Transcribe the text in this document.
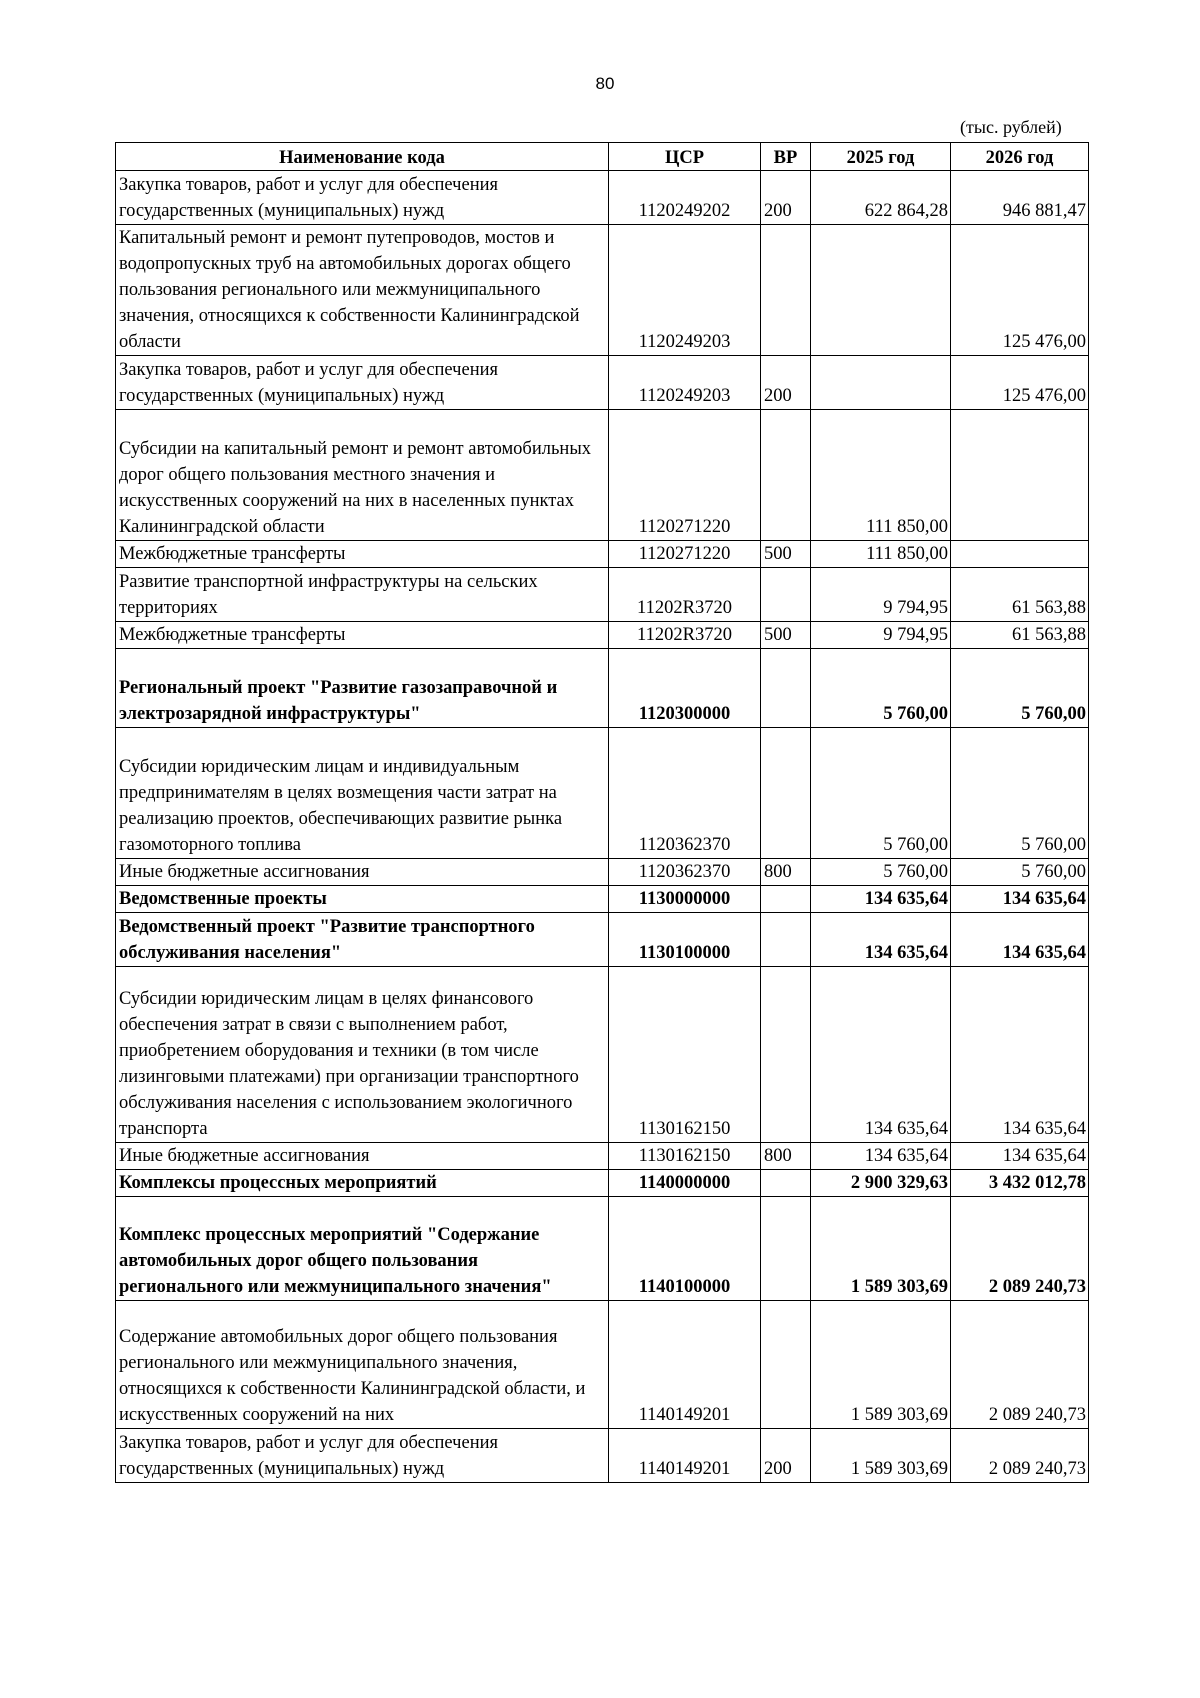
80
(тыс. рублей)
Наименование кода	ЦСР	ВР	2025 год	2026 год
Закупка товаров, работ и услуг для обеспечения государственных (муниципальных) нужд	1120249202	200	622 864,28	946 881,47
Капитальный ремонт и ремонт путепроводов, мостов и водопропускных труб на автомобильных дорогах общего пользования регионального или межмуниципального значения, относящихся к собственности Калининградской области	1120249203			125 476,00
Закупка товаров, работ и услуг для обеспечения государственных (муниципальных) нужд	1120249203	200		125 476,00
Субсидии на капитальный ремонт и ремонт автомобильных дорог общего пользования местного значения и искусственных сооружений на них в населенных пунктах Калининградской области	1120271220		111 850,00	
Межбюджетные трансферты	1120271220	500	111 850,00	
Развитие транспортной инфраструктуры на сельских территориях	11202R3720		9 794,95	61 563,88
Межбюджетные трансферты	11202R3720	500	9 794,95	61 563,88
Региональный проект "Развитие газозаправочной и электрозарядной инфраструктуры"	1120300000		5 760,00	5 760,00
Субсидии юридическим лицам и индивидуальным предпринимателям в целях возмещения части затрат на реализацию проектов, обеспечивающих развитие рынка газомоторного топлива	1120362370		5 760,00	5 760,00
Иные бюджетные ассигнования	1120362370	800	5 760,00	5 760,00
Ведомственные проекты	1130000000		134 635,64	134 635,64
Ведомственный проект "Развитие транспортного обслуживания населения"	1130100000		134 635,64	134 635,64
Субсидии юридическим лицам в целях финансового обеспечения затрат в связи с выполнением работ, приобретением оборудования и техники (в том числе лизинговыми платежами) при организации транспортного обслуживания населения с использованием экологичного транспорта	1130162150		134 635,64	134 635,64
Иные бюджетные ассигнования	1130162150	800	134 635,64	134 635,64
Комплексы процессных мероприятий	1140000000		2 900 329,63	3 432 012,78
Комплекс процессных мероприятий "Содержание автомобильных дорог общего пользования регионального или межмуниципального значения"	1140100000		1 589 303,69	2 089 240,73
Содержание автомобильных дорог общего пользования регионального или межмуниципального значения, относящихся к собственности Калининградской области, и искусственных сооружений на них	1140149201		1 589 303,69	2 089 240,73
Закупка товаров, работ и услуг для обеспечения государственных (муниципальных) нужд	1140149201	200	1 589 303,69	2 089 240,73
